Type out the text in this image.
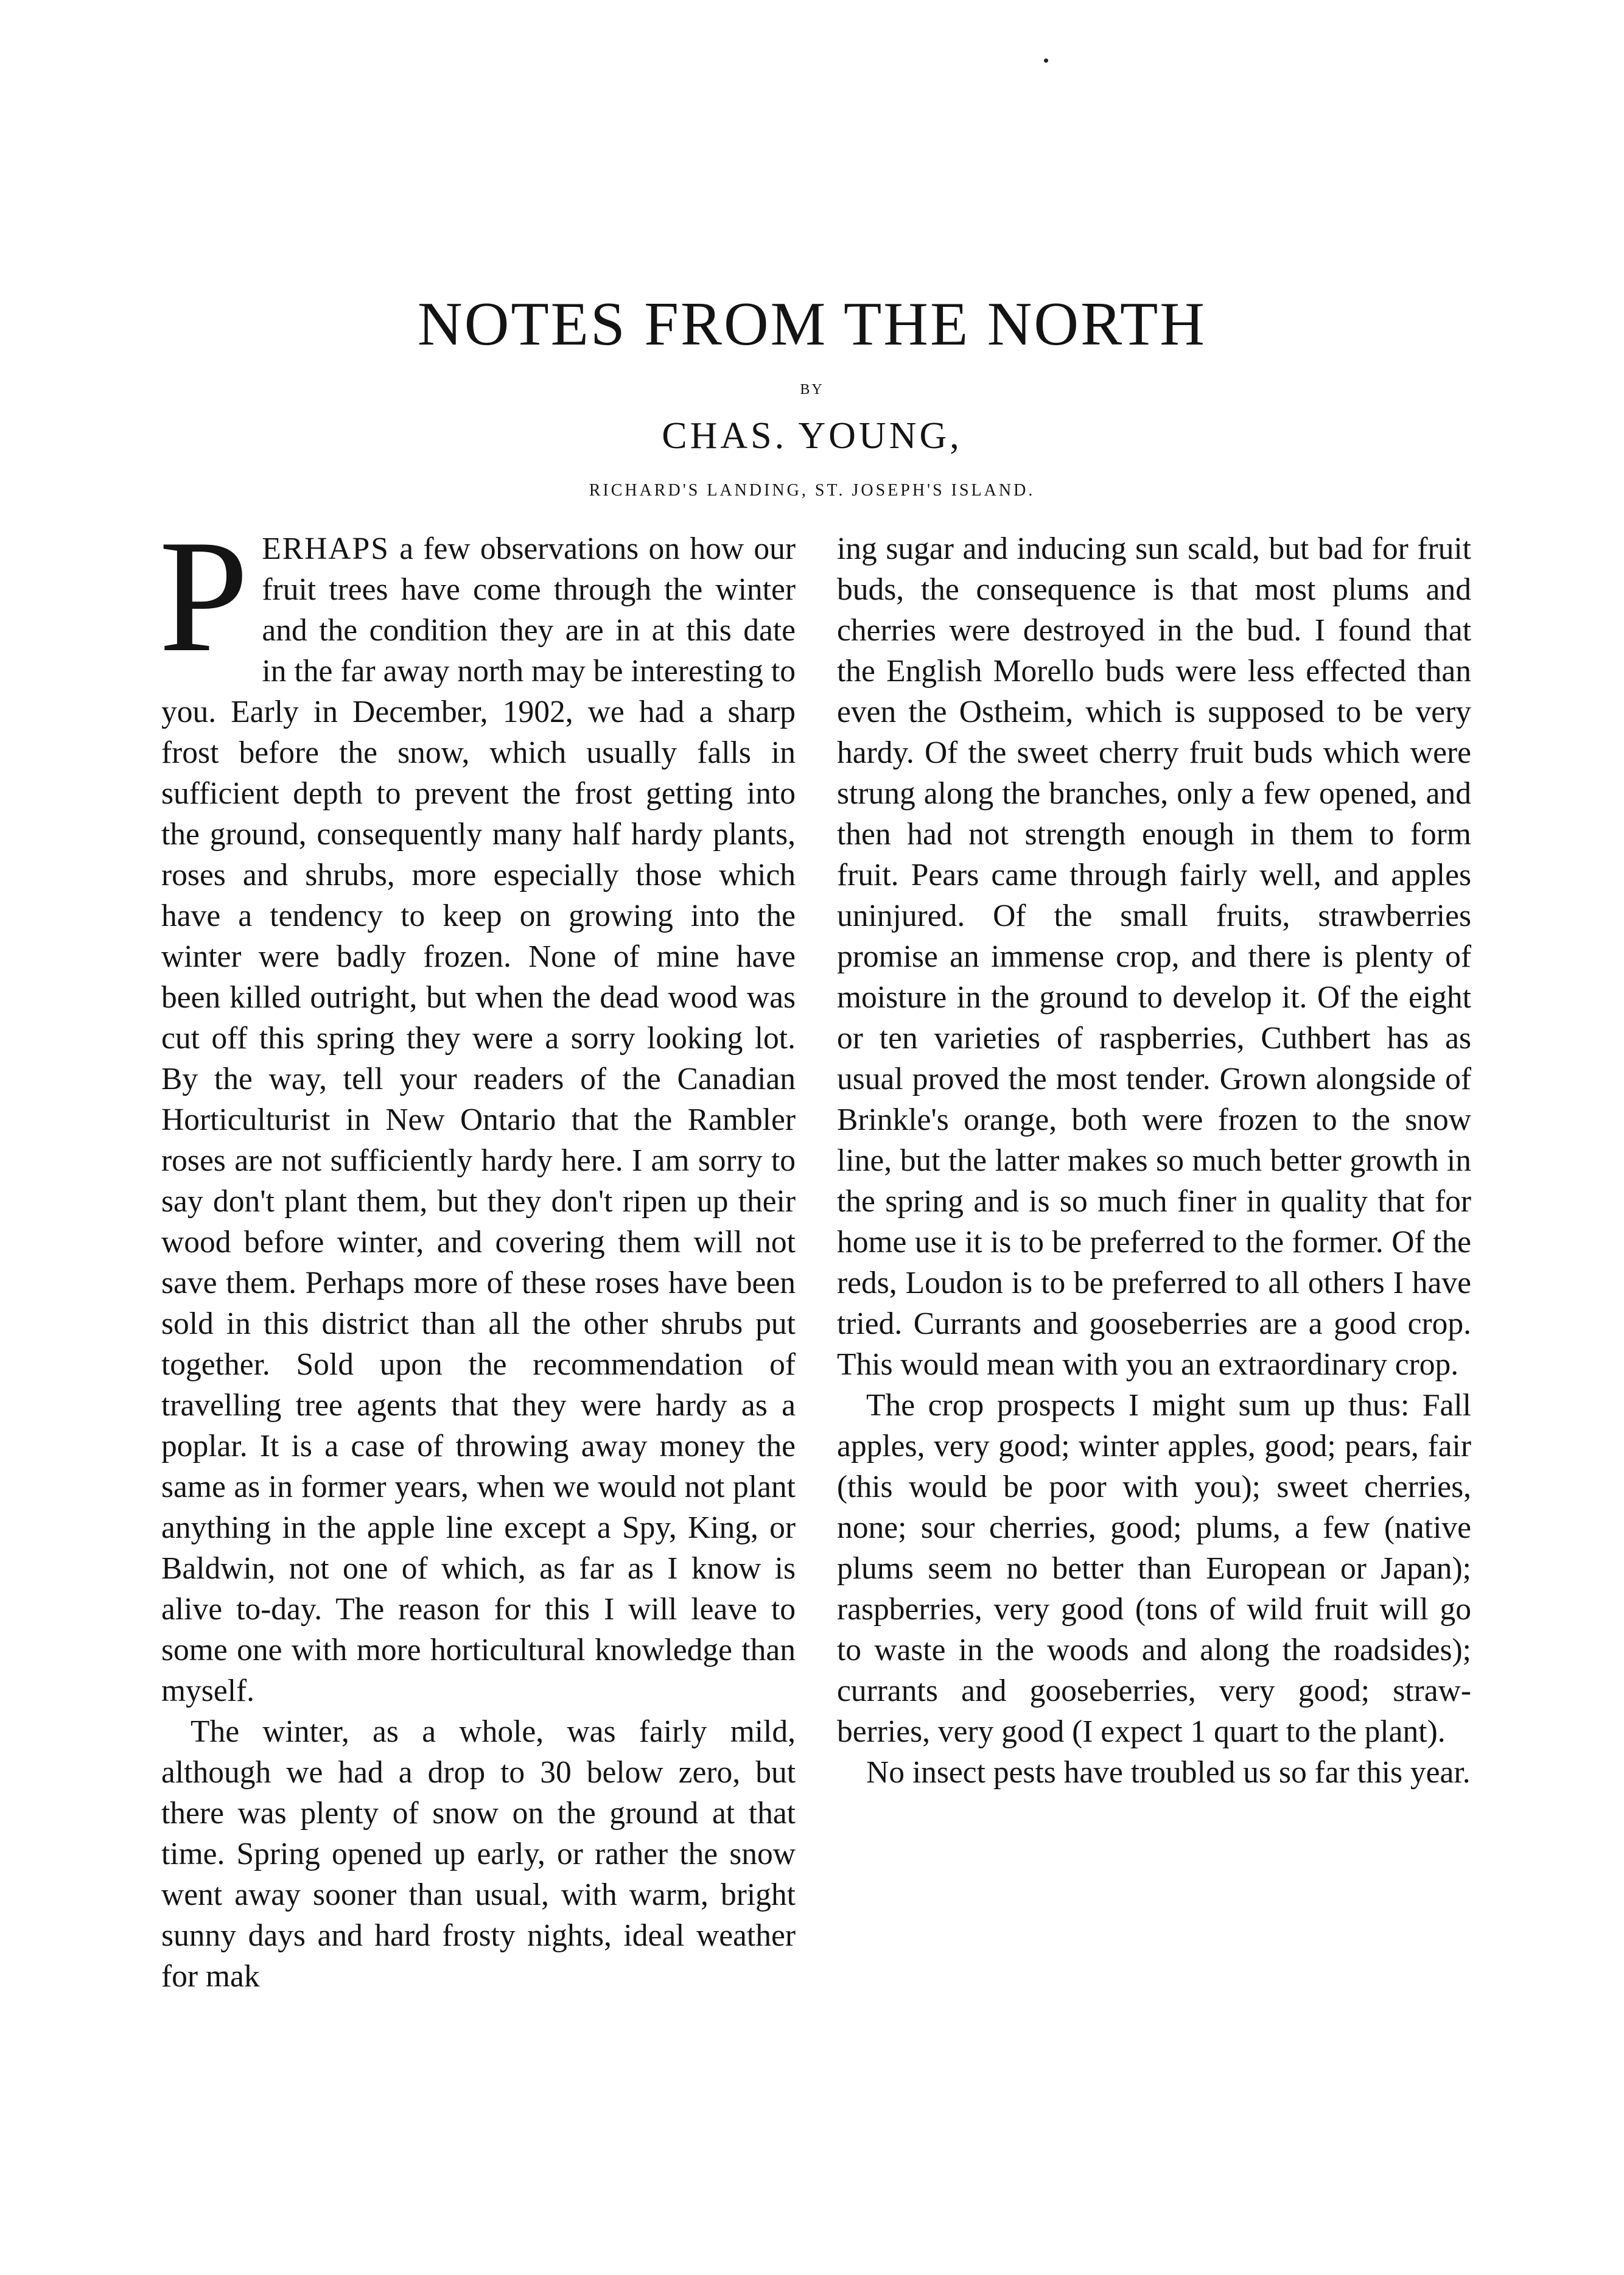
NOTES FROM THE NORTH
BY
CHAS. YOUNG,
RICHARD'S LANDING, ST. JOSEPH'S ISLAND.

PERHAPS a few observations on how our fruit trees have come through the winter and the condition they are in at this date in the far away north may be interesting to you. Early in December, 1902, we had a sharp frost before the snow, which usually falls in sufficient depth to prevent the frost getting into the ground, consequently many half hardy plants, roses and shrubs, more especially those which have a tendency to keep on growing into the winter were badly frozen. None of mine have been killed outright, but when the dead wood was cut off this spring they were a sorry looking lot. By the way, tell your readers of the Canadian Horticulturist in New Ontario that the Rambler roses are not sufficiently hardy here. I am sorry to say don't plant them, but they don't ripen up their wood before winter, and covering them will not save them. Perhaps more of these roses have been sold in this district than all the other shrubs put together. Sold upon the recommendation of travelling tree agents that they were hardy as a poplar. It is a case of throwing away money the same as in former years, when we would not plant anything in the apple line except a Spy, King, or Baldwin, not one of which, as far as I know is alive to-day. The reason for this I will leave to some one with more horticultural knowledge than myself.

The winter, as a whole, was fairly mild, although we had a drop to 30 below zero, but there was plenty of snow on the ground at that time. Spring opened up early, or rather the snow went away sooner than usual, with warm, bright sunny days and hard frosty nights, ideal weather for mak

ing sugar and inducing sun scald, but bad for fruit buds, the consequence is that most plums and cherries were destroyed in the bud. I found that the English Morello buds were less effected than even the Ostheim, which is supposed to be very hardy. Of the sweet cherry fruit buds which were strung along the branches, only a few opened, and then had not strength enough in them to form fruit. Pears came through fairly well, and apples uninjured. Of the small fruits, strawberries promise an immense crop, and there is plenty of moisture in the ground to develop it. Of the eight or ten varieties of raspberries, Cuthbert has as usual proved the most tender. Grown alongside of Brinkle's orange, both were frozen to the snow line, but the latter makes so much better growth in the spring and is so much finer in quality that for home use it is to be preferred to the former. Of the reds, Loudon is to be preferred to all others I have tried. Currants and gooseberries are a good crop. This would mean with you an extraordinary crop.

The crop prospects I might sum up thus: Fall apples, very good; winter apples, good; pears, fair (this would be poor with you); sweet cherries, none; sour cherries, good; plums, a few (native plums seem no better than European or Japan); raspberries, very good (tons of wild fruit will go to waste in the woods and along the roadsides); currants and gooseberries, very good; strawberries, very good (I expect 1 quart to the plant).

No insect pests have troubled us so far this year.
